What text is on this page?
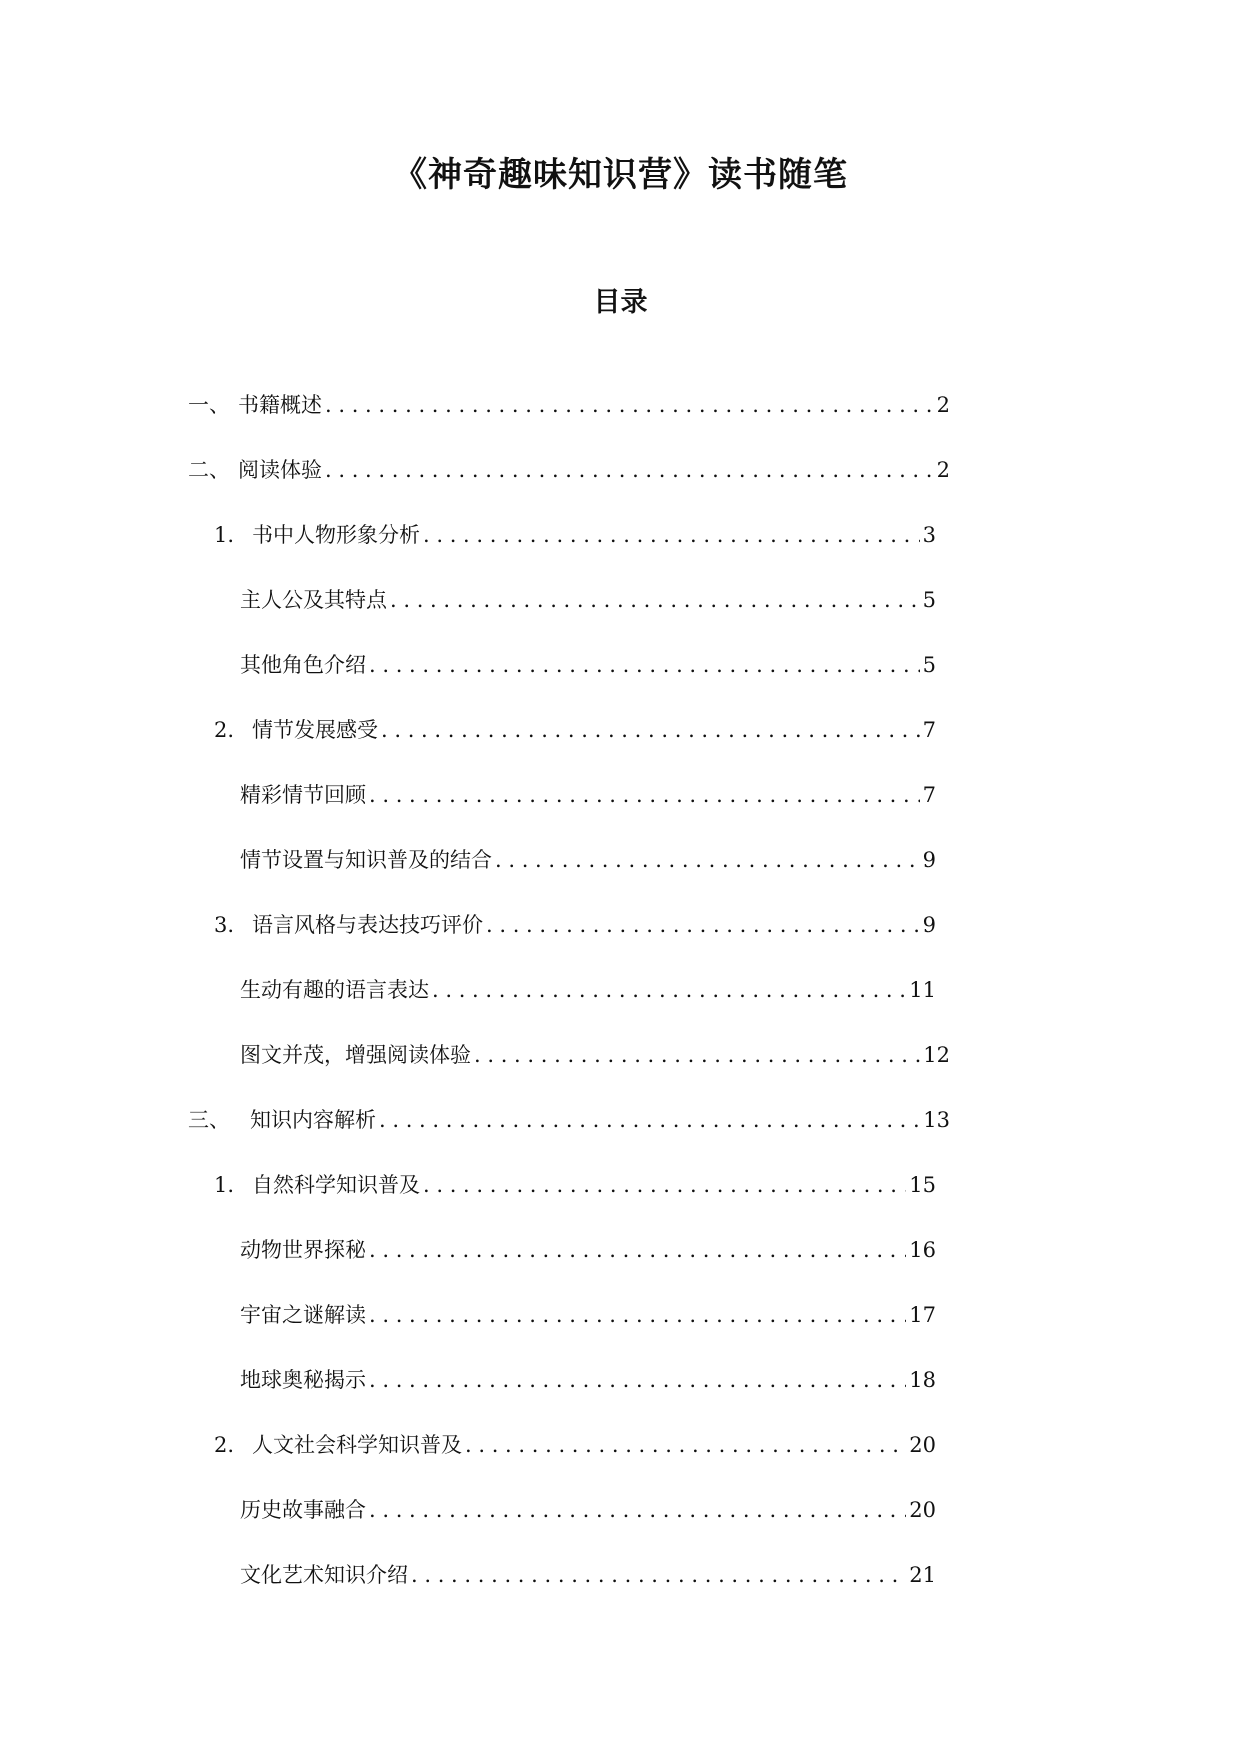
《神奇趣味知识营》读书随笔
目录
一、 书籍概述 . . .	2
二、 阅读体验 . . .	2
1. 书中人物形象分析 . . .	3
主人公及其特点 . . .	5
其他角色介绍 . . .	5
2. 情节发展感受 . . .	7
精彩情节回顾 . . .	7
情节设置与知识普及的结合 . . .	9
3. 语言风格与表达技巧评价 . . .	9
生动有趣的语言表达 . . .	11
图文并茂，增强阅读体验 . . .	12
三、 知识内容解析 . . .	13
1. 自然科学知识普及 . . .	15
动物世界探秘 . . .	16
宇宙之谜解读 . . .	17
地球奥秘揭示 . . .	18
2. 人文社会科学知识普及 . . .	20
历史故事融合 . . .	20
文化艺术知识介绍 . . .	21
